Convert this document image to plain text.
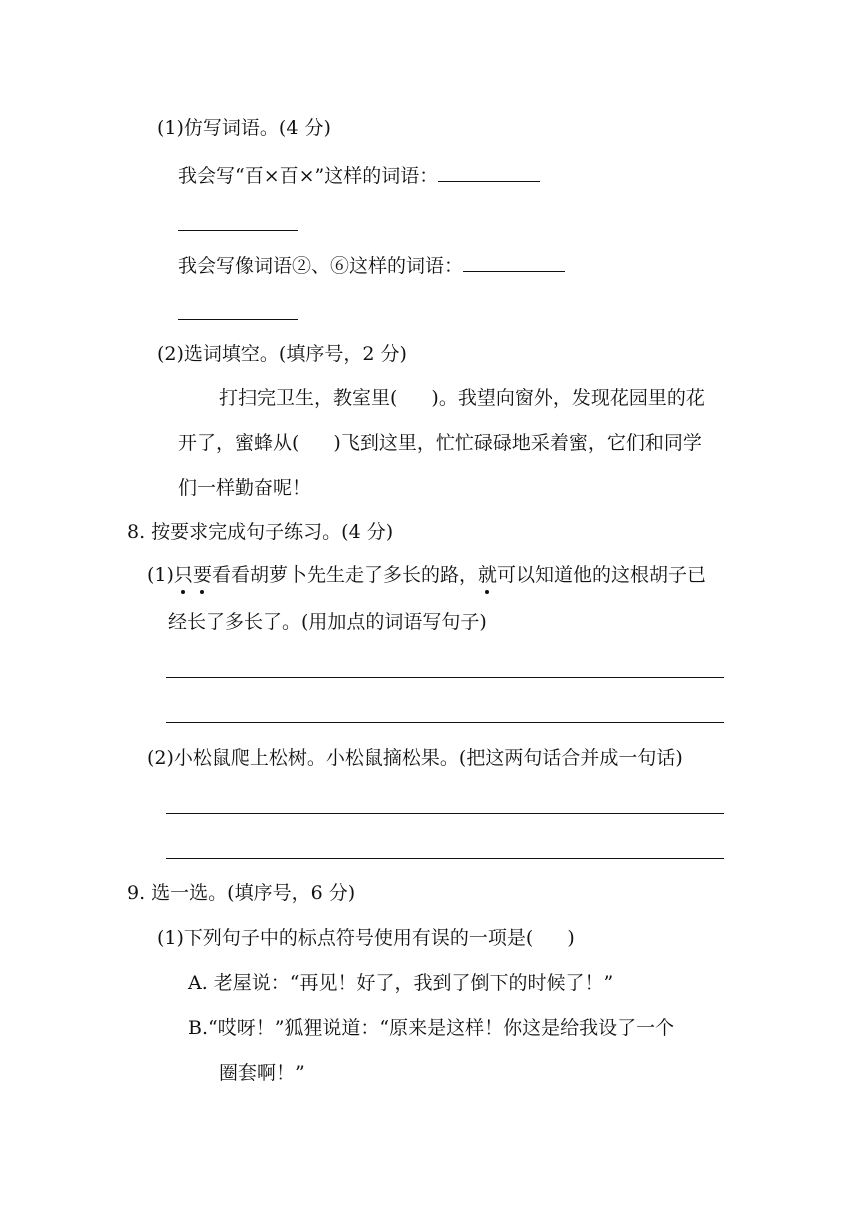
(1)仿写词语。(4 分)
我会写“百×百×”这样的词语：
我会写像词语②、⑥这样的词语：
(2)选词填空。(填序号，2 分)
打扫完卫生，教室里( )。我望向窗外，发现花园里的花
开了，蜜蜂从( )飞到这里，忙忙碌碌地采着蜜，它们和同学
们一样勤奋呢！
8. 按要求完成句子练习。(4 分)
(1)只要看看胡萝卜先生走了多长的路，就可以知道他的这根胡子已
经长了多长了。(用加点的词语写句子)
(2)小松鼠爬上松树。小松鼠摘松果。(把这两句话合并成一句话)
9. 选一选。(填序号，6 分)
(1)下列句子中的标点符号使用有误的一项是( )
A. 老屋说：“再见！好了，我到了倒下的时候了！”
B.“哎呀！”狐狸说道：“原来是这样！你这是给我设了一个
圈套啊！”
